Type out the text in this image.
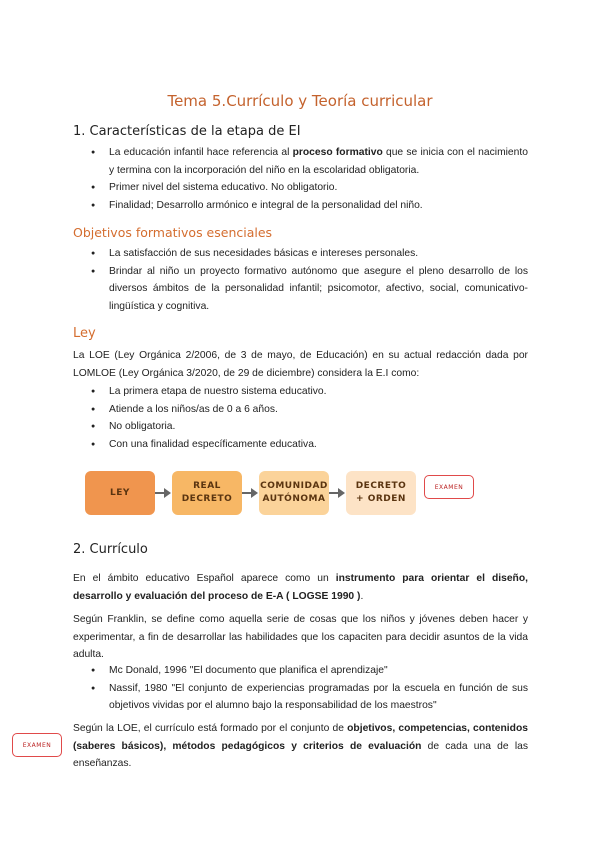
Tema 5.Currículo y Teoría curricular
1. Características de la etapa de EI
● La educación infantil hace referencia al proceso formativo que se inicia con el nacimiento y termina con la incorporación del niño en la escolaridad obligatoria.
● Primer nivel del sistema educativo. No obligatorio.
● Finalidad; Desarrollo armónico e integral de la personalidad del niño.
Objetivos formativos esenciales
● La satisfacción de sus necesidades básicas e intereses personales.
● Brindar al niño un proyecto formativo autónomo que asegure el pleno desarrollo de los diversos ámbitos de la personalidad infantil; psicomotor, afectivo, social, comunicativo-lingüística y cognitiva.
Ley
La LOE (Ley Orgánica 2/2006, de 3 de mayo, de Educación) en su actual redacción dada por LOMLOE (Ley Orgánica 3/2020, de 29 de diciembre) considera la E.I como:
● La primera etapa de nuestro sistema educativo.
● Atiende a los niños/as de 0 a 6 años.
● No obligatoria.
● Con una finalidad específicamente educativa.
LEY
REAL DECRETO
COMUNIDAD AUTÓNOMA
DECRETO + ORDEN
EXAMEN
2. Currículo
En el ámbito educativo Español aparece como un instrumento para orientar el diseño, desarrollo y evaluación del proceso de E-A ( LOGSE 1990 ).
Según Franklin, se define como aquella serie de cosas que los niños y jóvenes deben hacer y experimentar, a fin de desarrollar las habilidades que los capaciten para decidir asuntos de la vida adulta.
● Mc Donald, 1996 "El documento que planifica el aprendizaje"
● Nassif, 1980 "El conjunto de experiencias programadas por la escuela en función de sus objetivos vividas por el alumno bajo la responsabilidad de los maestros"
Según la LOE, el currículo está formado por el conjunto de objetivos, competencias, contenidos (saberes básicos), métodos pedagógicos y criterios de evaluación de cada una de las enseñanzas.
EXAMEN
